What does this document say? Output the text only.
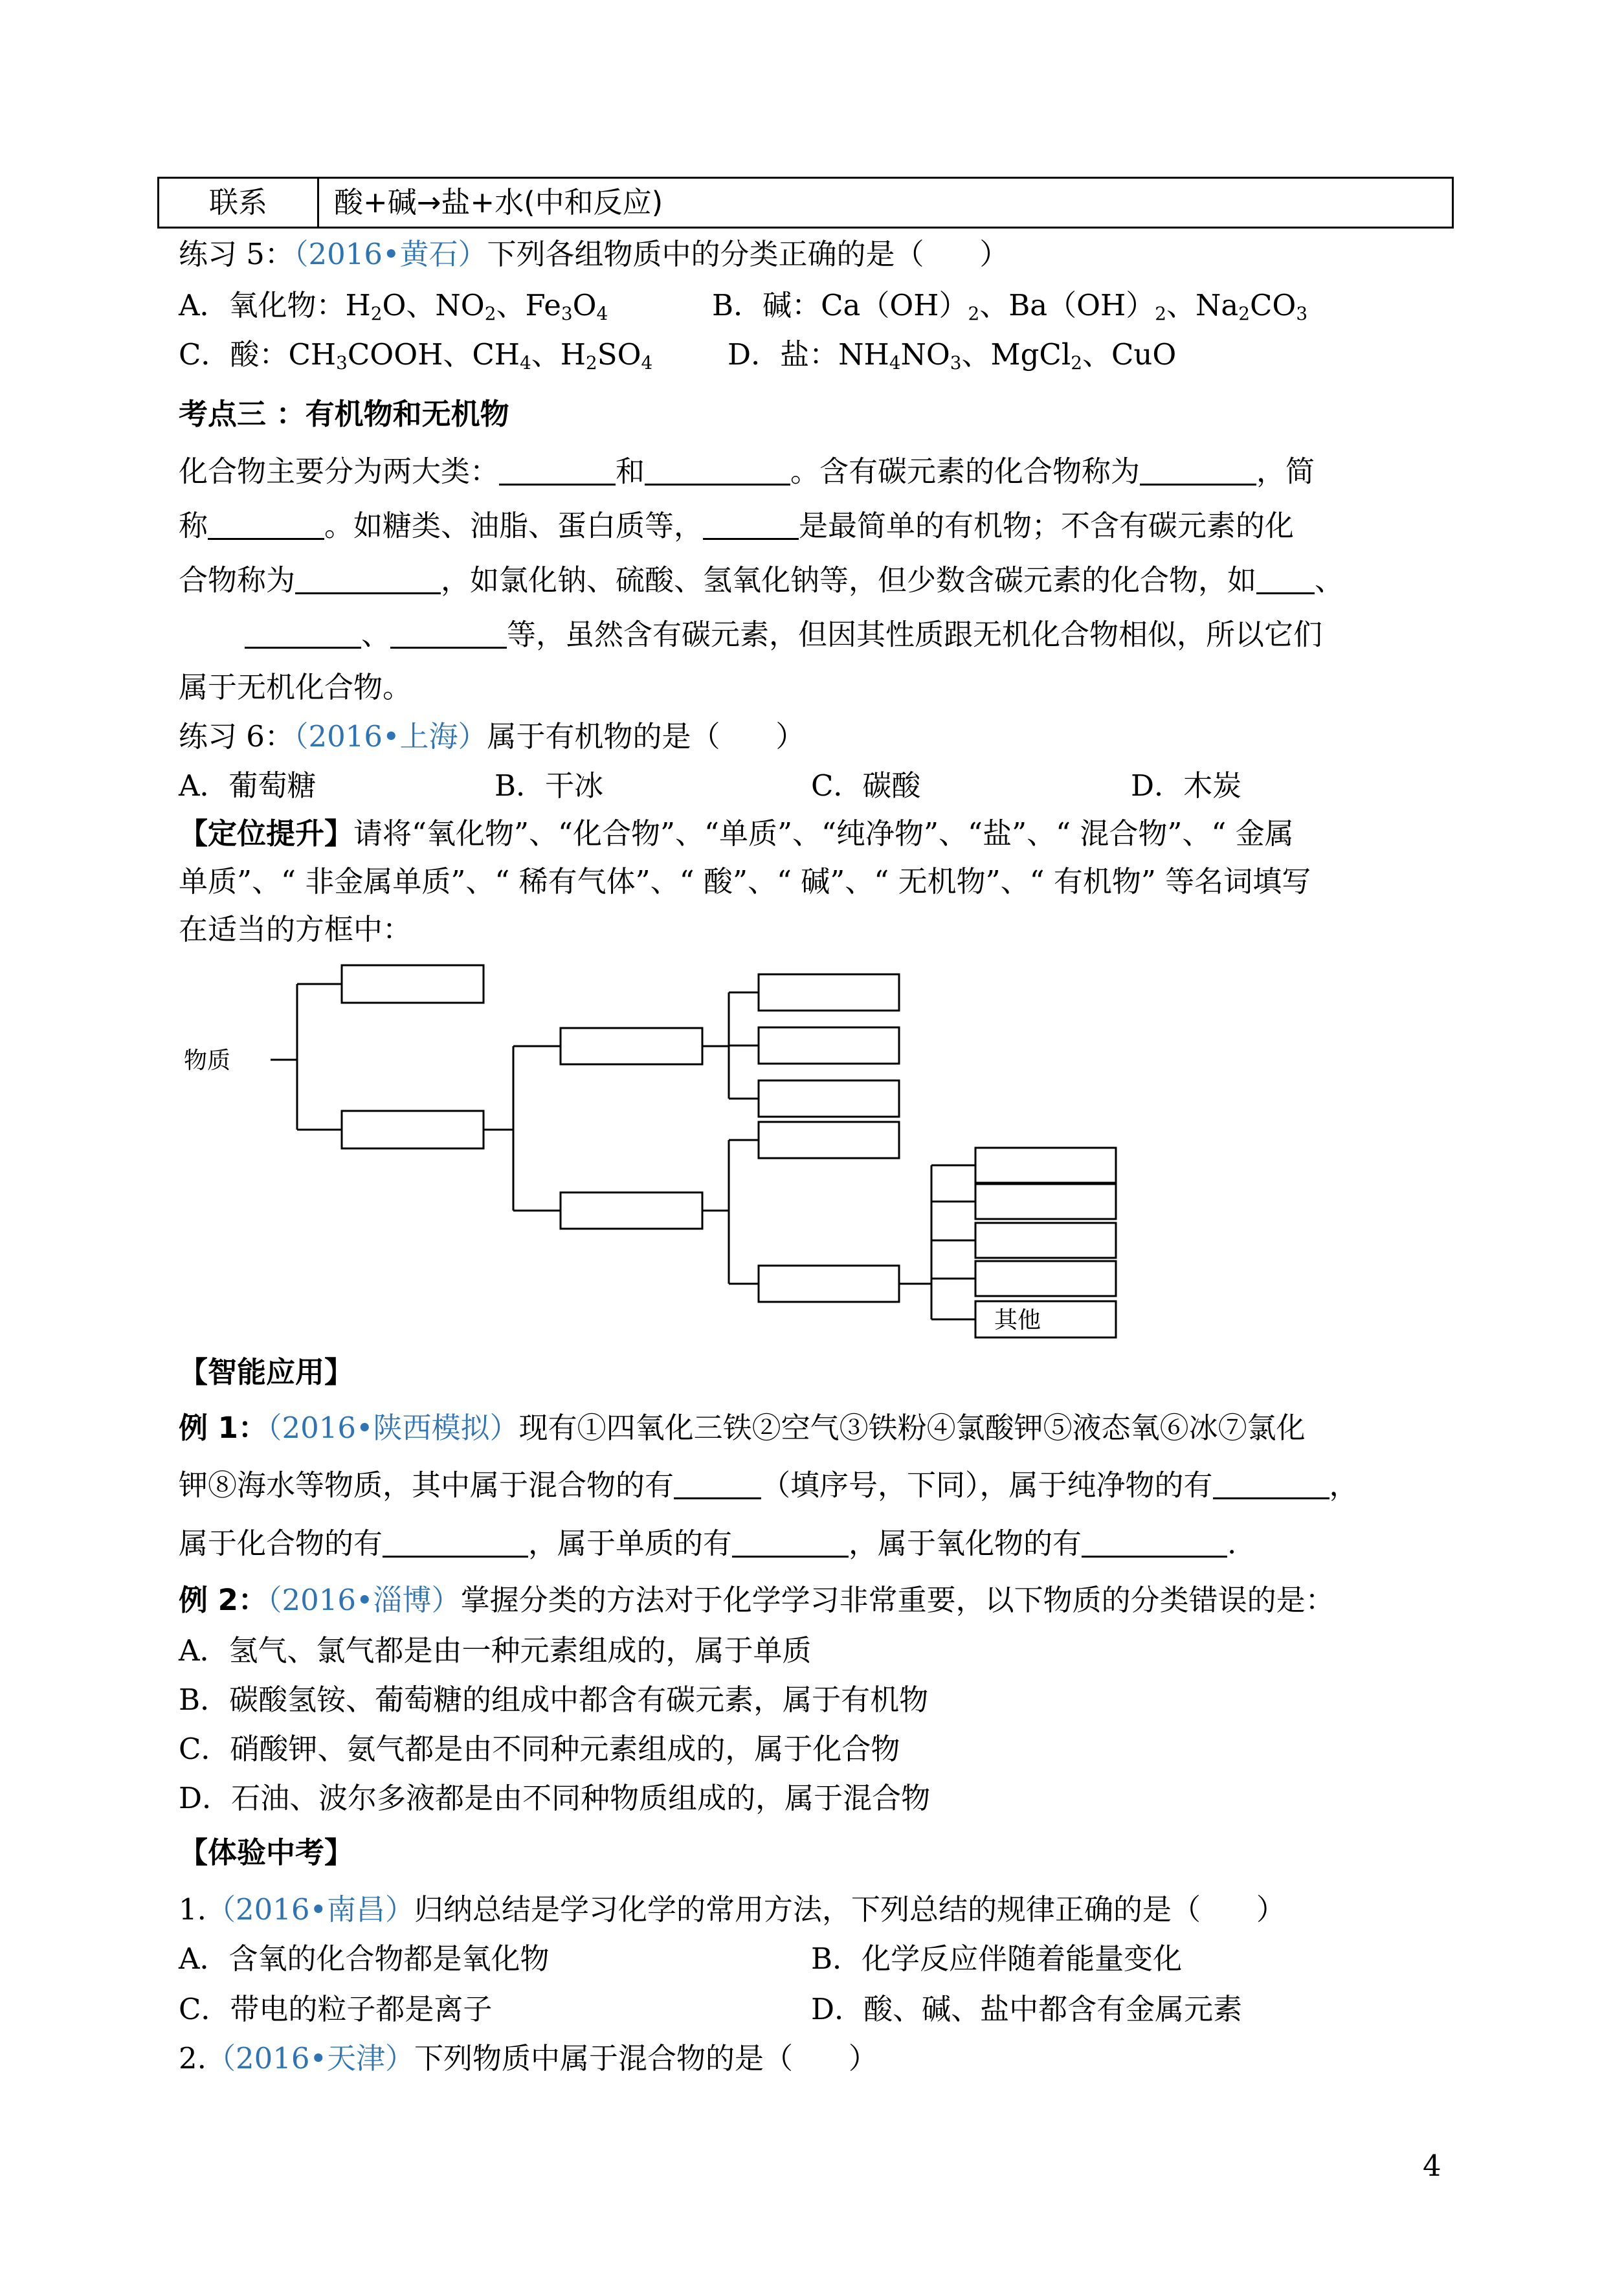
联系	酸+碱→盐+水(中和反应)
练习 5：（2016•黄石）下列各组物质中的分类正确的是（      ）
A．氧化物：$H_2O$、$NO_2$、$Fe_3O_4$	B．碱：$Ca(OH)_2$、$Ba(OH)_2$、$Na_2CO_3$
C．酸：$CH_3COOH$、$CH_4$、$H_2SO_4$	D．盐：$NH_4NO_3$、MgCl$_2$、CuO
考点三 ：有机物和无机物
化合物主要分为两大类：	和	。含有碳元素的化合物称为	，简
称	。如糖类、油脂、蛋白质等，	是最简单的有机物；不含有碳元素的化
合物称为	，如氯化钠、硫酸、氢氧化钠等，但少数含碳元素的化合物，如 、
、	等，虽然含有碳元素，但因其性质跟无机化合物相似，所以它们
属于无机化合物。
练习 6：（2016•上海）属于有机物的是（      ）
A．葡萄糖	B．干冰	C．碳酸	D．木炭
【定位提升】请将“氧化物”、“化合物”、“单质”、“纯净物”、“盐”、“ 混合物”、“ 金属
单质”、“ 非金属单质”、“ 稀有气体”、“ 酸”、“ 碱”、“ 无机物”、“ 有机物” 等名词填写
在适当的方框中：
物质
其他
【智能应用】
例 1：（2016•陕西模拟）现有①四氧化三铁②空气③铁粉④氯酸钾⑤液态氧⑥冰⑦氯化
钾⑧海水等物质，其中属于混合物的有	（填序号，下同），属于纯净物的有	，
属于化合物的有	，属于单质的有	，属于氧化物的有	.
例 2：（2016•淄博）掌握分类的方法对于化学学习非常重要，以下物质的分类错误的是：
A．氢气、氯气都是由一种元素组成的，属于单质
B．碳酸氢铵、葡萄糖的组成中都含有碳元素，属于有机物
C．硝酸钾、氨气都是由不同种元素组成的，属于化合物
D．石油、波尔多液都是由不同种物质组成的，属于混合物
【体验中考】
1.（2016•南昌）归纳总结是学习化学的常用方法，下列总结的规律正确的是（      ）
A．含氧的化合物都是氧化物	B．化学反应伴随着能量变化
C．带电的粒子都是离子	D．酸、碱、盐中都含有金属元素
2.（2016•天津）下列物质中属于混合物的是（      ）
4
